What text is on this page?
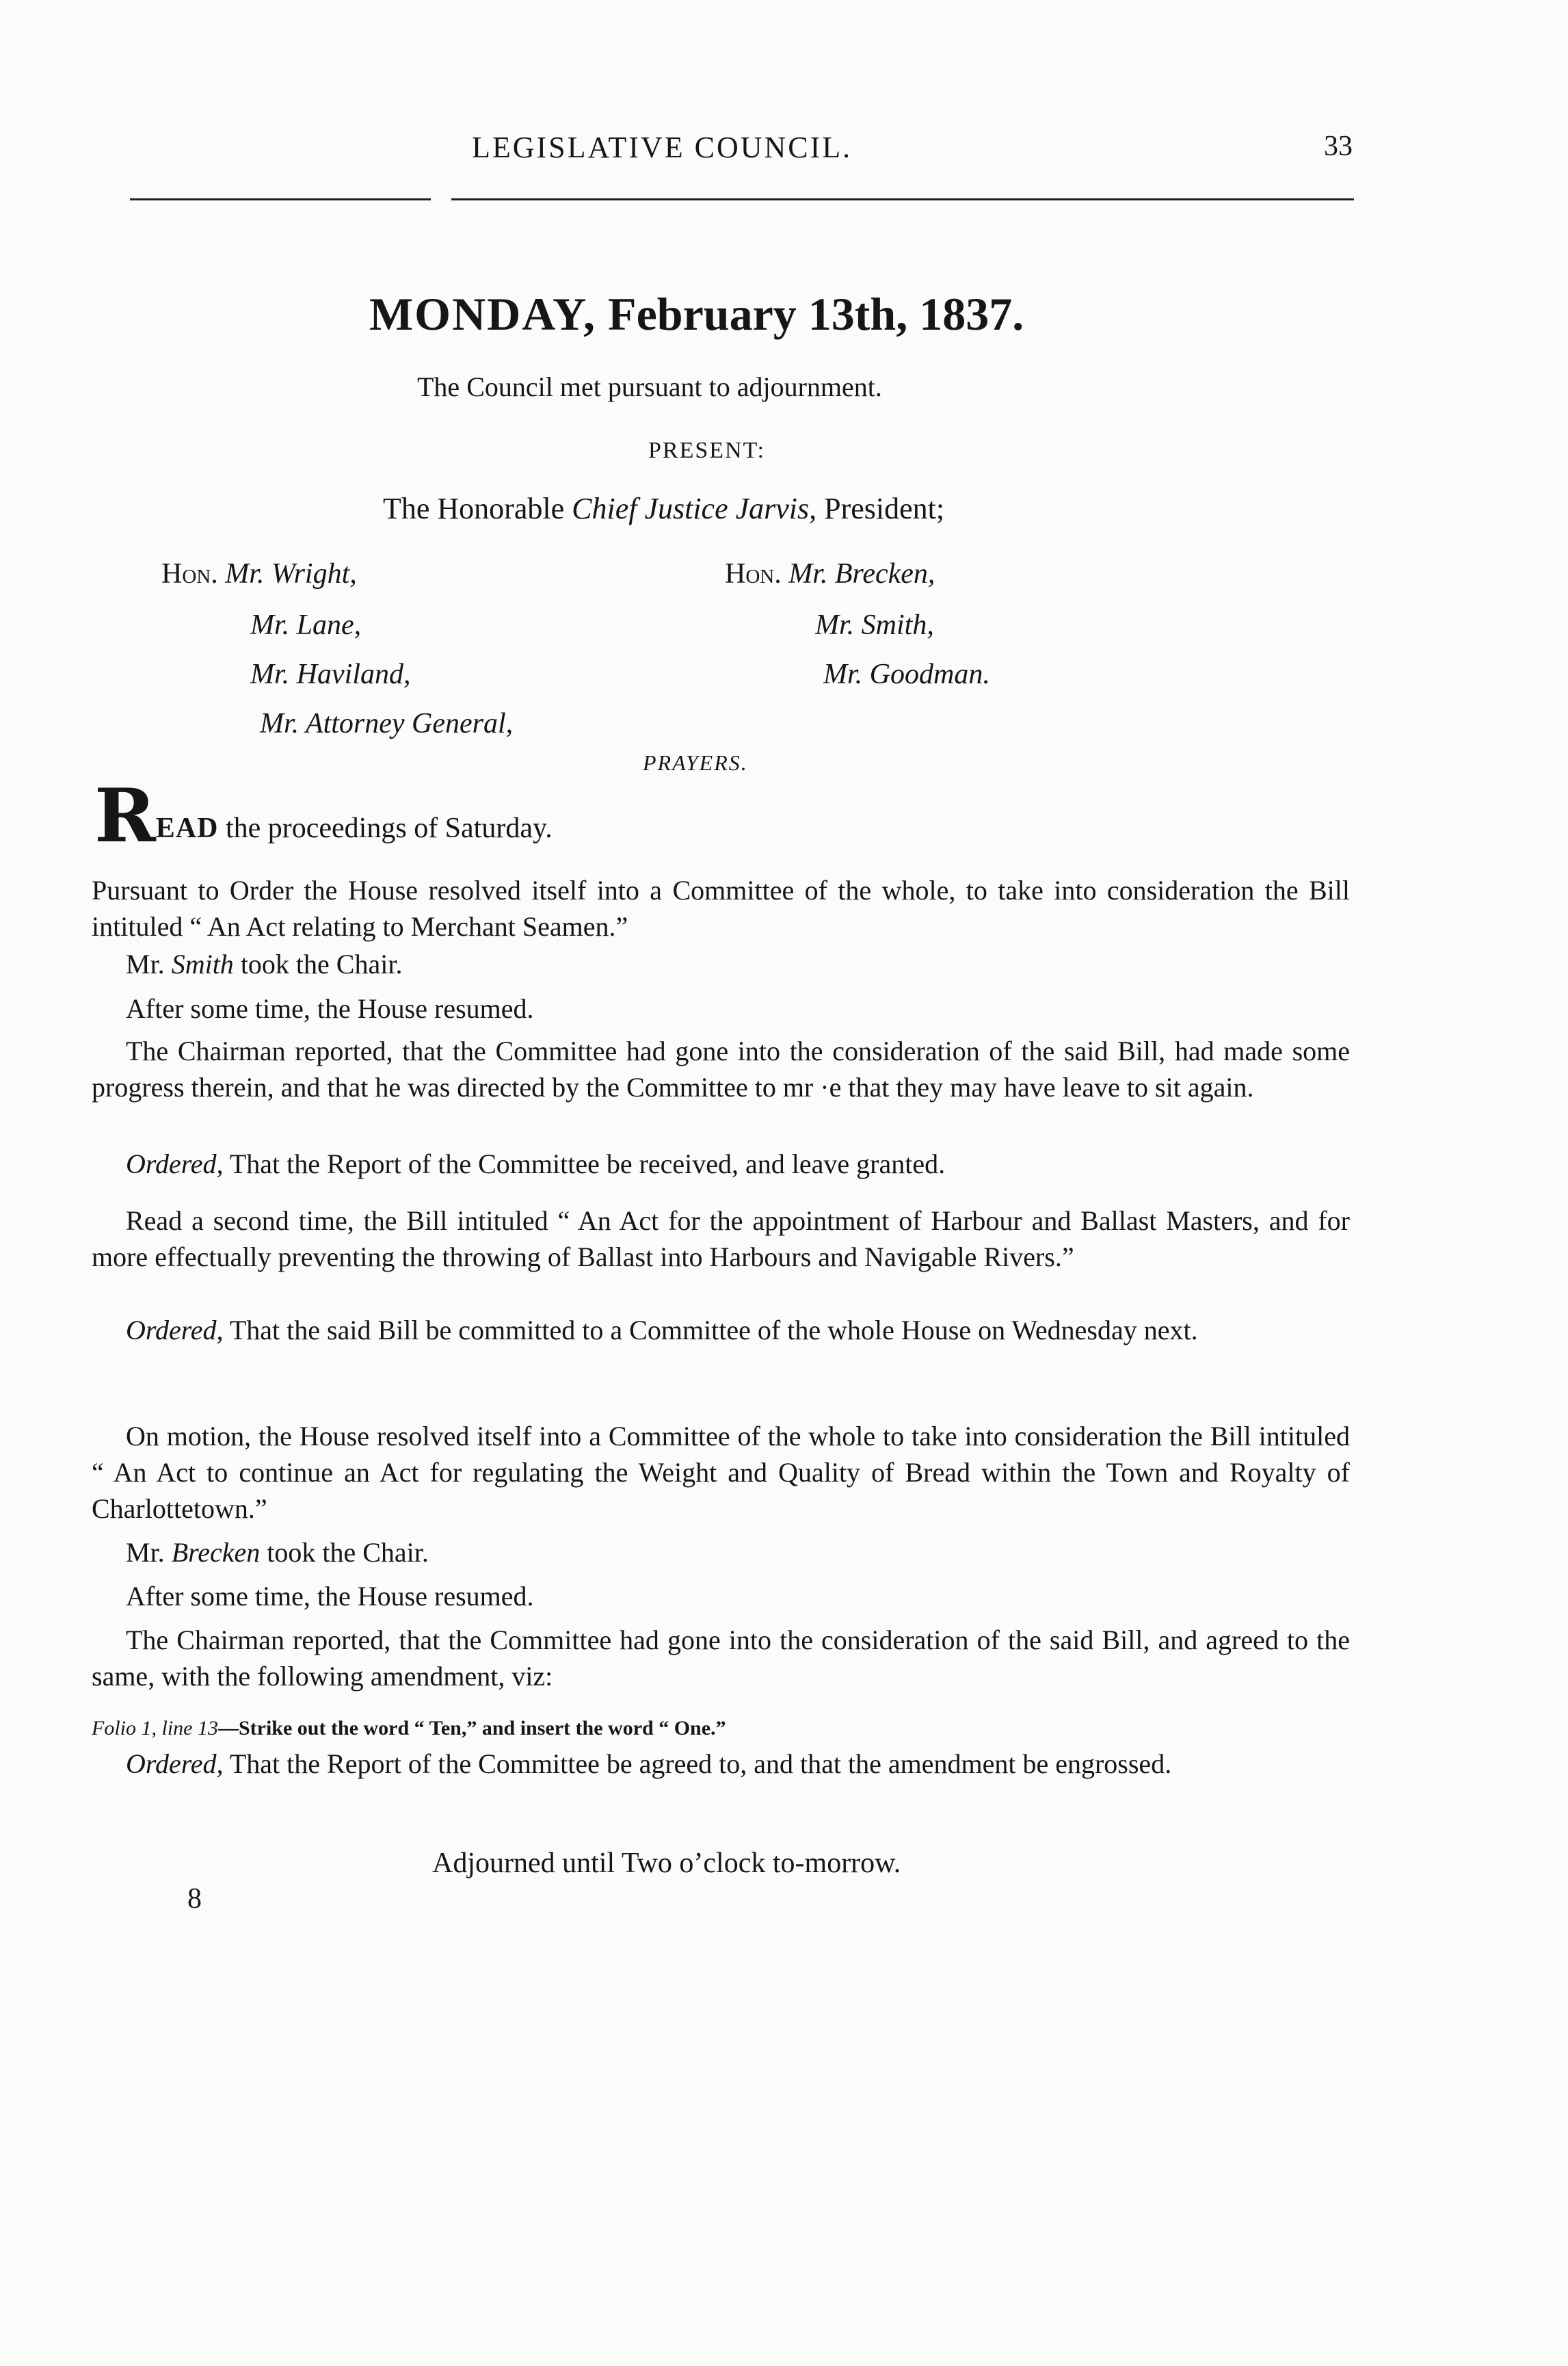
LEGISLATIVE COUNCIL.	33
MONDAY, February 13th, 1837.
The Council met pursuant to adjournment.
PRESENT:
The Honorable Chief Justice Jarvis, President;
Hon. Mr. Wright,
Mr. Lane,
Mr. Haviland,
Mr. Attorney General,
Hon. Mr. Brecken,
Mr. Smith,
Mr. Goodman.
PRAYERS.
READ the proceedings of Saturday.
Pursuant to Order the House resolved itself into a Committee of the whole, to take into consideration the Bill intituled “ An Act relating to Merchant Seamen.”
Mr. Smith took the Chair.
After some time, the House resumed.
The Chairman reported, that the Committee had gone into the consideration of the said Bill, had made some progress therein, and that he was directed by the Committee to mr ·e that they may have leave to sit again.
Ordered, That the Report of the Committee be received, and leave granted.
Read a second time, the Bill intituled “ An Act for the appointment of Harbour and Ballast Masters, and for more effectually preventing the throwing of Ballast into Harbours and Navigable Rivers.”
Ordered, That the said Bill be committed to a Committee of the whole House on Wednesday next.
On motion, the House resolved itself into a Committee of the whole to take into consideration the Bill intituled “ An Act to continue an Act for regulating the Weight and Quality of Bread within the Town and Royalty of Charlottetown.”
Mr. Brecken took the Chair.
After some time, the House resumed.
The Chairman reported, that the Committee had gone into the consideration of the said Bill, and agreed to the same, with the following amendment, viz:
Folio 1, line 13—Strike out the word “ Ten,” and insert the word “ One.”
Ordered, That the Report of the Committee be agreed to, and that the amendment be engrossed.
Adjourned until Two o’clock to-morrow.
8
